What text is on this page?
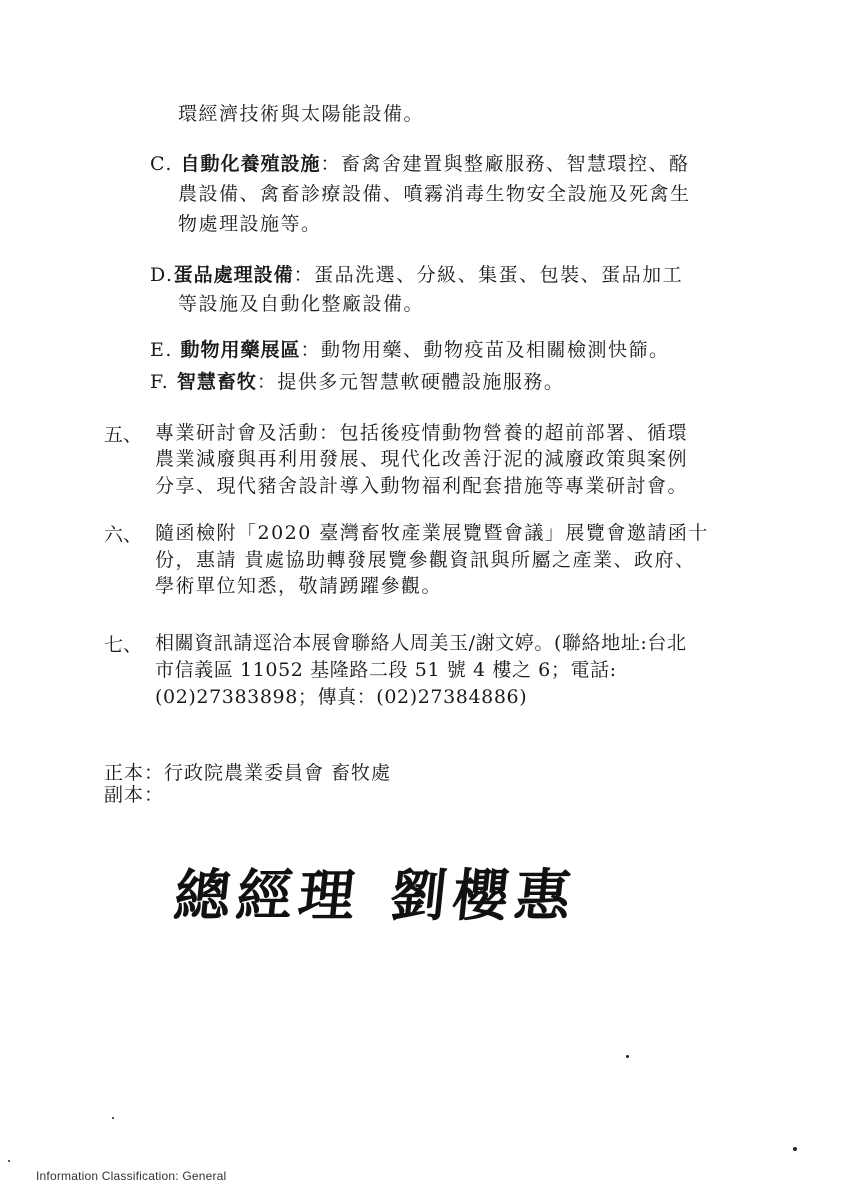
環經濟技術與太陽能設備。
C. 自動化養殖設施：畜禽舍建置與整廠服務、智慧環控、酪
農設備、禽畜診療設備、噴霧消毒生物安全設施及死禽生
物處理設施等。
D.蛋品處理設備：蛋品洗選、分級、集蛋、包裝、蛋品加工
等設施及自動化整廠設備。
E. 動物用藥展區：動物用藥、動物疫苗及相關檢測快篩。
F. 智慧畜牧：提供多元智慧軟硬體設施服務。
五、 專業研討會及活動：包括後疫情動物營養的超前部署、循環
農業減廢與再利用發展、現代化改善汙泥的減廢政策與案例
分享、現代豬舍設計導入動物福利配套措施等專業研討會。
六、 隨函檢附「2020 臺灣畜牧產業展覽暨會議」展覽會邀請函十
份，惠請 貴處協助轉發展覽參觀資訊與所屬之產業、政府、
學術單位知悉，敬請踴躍參觀。
七、 相關資訊請逕洽本展會聯絡人周美玉/謝文婷。(聯絡地址:台北
市信義區 11052 基隆路二段 51 號 4 樓之 6；電話:
(02)27383898；傳真：(02)27384886)
正本：行政院農業委員會 畜牧處
副本：
總經理 劉櫻惠
Information Classification: General
